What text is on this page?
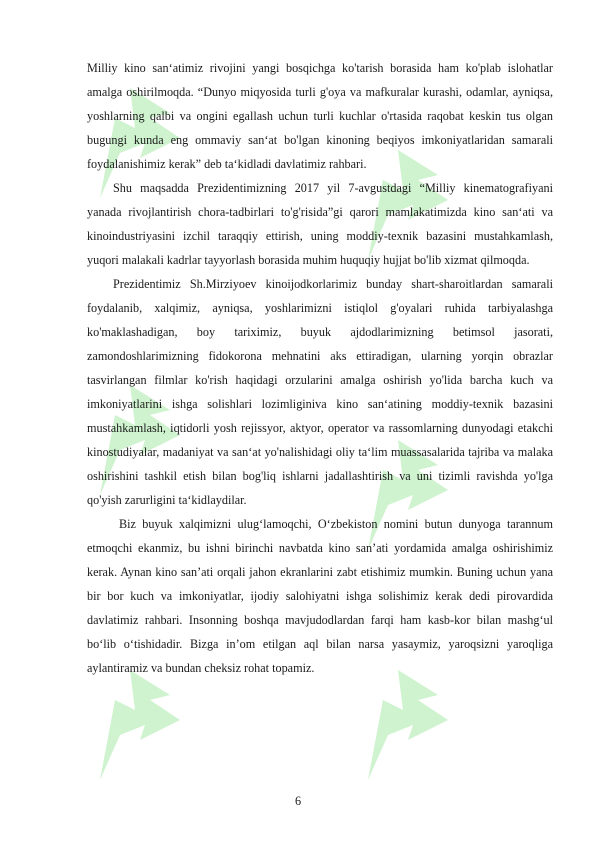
Milliy kino san‘atimiz rivojini yangi bosqichga ko'tarish borasida ham ko'plab islohatlar amalga oshirilmoqda. “Dunyo miqyosida turli g'oya va mafkuralar kurashi, odamlar, ayniqsa, yoshlarning qalbi va ongini egallash uchun turli kuchlar o'rtasida raqobat keskin tus olgan bugungi kunda eng ommaviy san‘at bo'lgan kinoning beqiyos imkoniyatlaridan samarali foydalanishimiz kerak” deb ta‘kidladi davlatimiz rahbari.

Shu maqsadda Prezidentimizning 2017 yil 7-avgustdagi “Milliy kinematografiyani yanada rivojlantirish chora-tadbirlari to'g'risida”gi qarori mamlakatimizda kino san‘ati va kinoindustriyasini izchil taraqqiy ettirish, uning moddiy-texnik bazasini mustahkamlash, yuqori malakali kadrlar tayyorlash borasida muhim huquqiy hujjat bo'lib xizmat qilmoqda.

Prezidentimiz Sh.Mirziyoev kinoijodkorlarimiz bunday shart-sharoitlardan samarali foydalanib, xalqimiz, ayniqsa, yoshlarimizni istiqlol g'oyalari ruhida tarbiyalashga ko'maklashadigan, boy tariximiz, buyuk ajdodlarimizning betimsol jasorati, zamondoshlarimizning fidokorona mehnatini aks ettiradigan, ularning yorqin obrazlar tasvirlangan filmlar ko'rish haqidagi orzularini amalga oshirish yo'lida barcha kuch va imkoniyatlarini ishga solishlari lozimliginiva kino san‘atining moddiy-texnik bazasini mustahkamlash, iqtidorli yosh rejissyor, aktyor, operator va rassomlarning dunyodagi etakchi kinostudiyalar, madaniyat va san‘at yo'nalishidagi oliy ta‘lim muassasalarida tajriba va malaka oshirishini tashkil etish bilan bog'liq ishlarni jadallashtirish va uni tizimli ravishda yo'lga qo'yish zarurligini ta‘kidlaydilar.

Biz buyuk xalqimizni ulug‘lamoqchi, O‘zbekiston nomini butun dunyoga tarannum etmoqchi ekanmiz, bu ishni birinchi navbatda kino san’ati yordamida amalga oshirishimiz kerak. Aynan kino san’ati orqali jahon ekranlarini zabt etishimiz mumkin. Buning uchun yana bir bor kuch va imkoniyatlar, ijodiy salohiyatni ishga solishimiz kerak dedi pirovardida davlatimiz rahbari. Insonning boshqa mavjudodlardan farqi ham kasb-kor bilan mashg‘ul bo‘lib o‘tishidadir. Bizga in’om etilgan aql bilan narsa yasaymiz, yaroqsizni yaroqliga aylantiramiz va bundan cheksiz rohat topamiz.

6
